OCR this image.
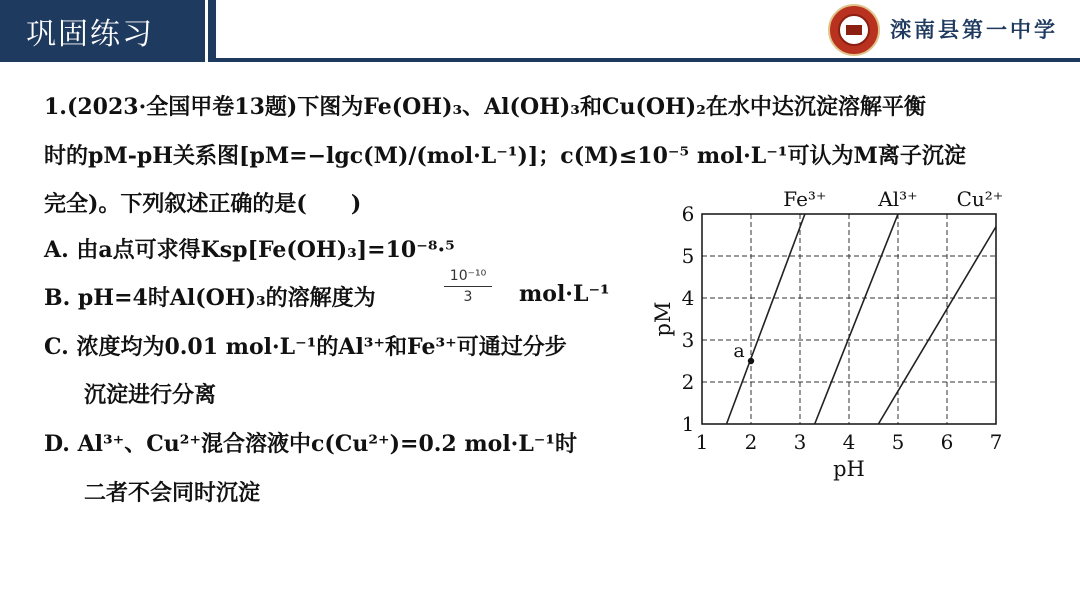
巩固练习	滦南县第一中学
1.(2023·全国甲卷13题)下图为Fe(OH)₃、Al(OH)₃和Cu(OH)₂在水中达沉淀溶解平衡
时的pM-pH关系图[pM=−lgc(M)/(mol·L⁻¹)]；c(M)≤10⁻⁵ mol·L⁻¹可认为M离子沉淀
完全)。下列叙述正确的是(　　)
A. 由a点可求得Ksp[Fe(OH)₃]=10⁻⁸·⁵
B. pH=4时Al(OH)₃的溶解度为
10⁻¹⁰
3	mol·L⁻¹
C. 浓度均为0.01 mol·L⁻¹的Al³⁺和Fe³⁺可通过分步
沉淀进行分离
D. Al³⁺、Cu²⁺混合溶液中c(Cu²⁺)=0.2 mol·L⁻¹时
二者不会同时沉淀
1 2 3 4 5 6 7
1
2
3
4
5
6
pH
pM
Fe³⁺	Al³⁺ Cu²⁺
a
